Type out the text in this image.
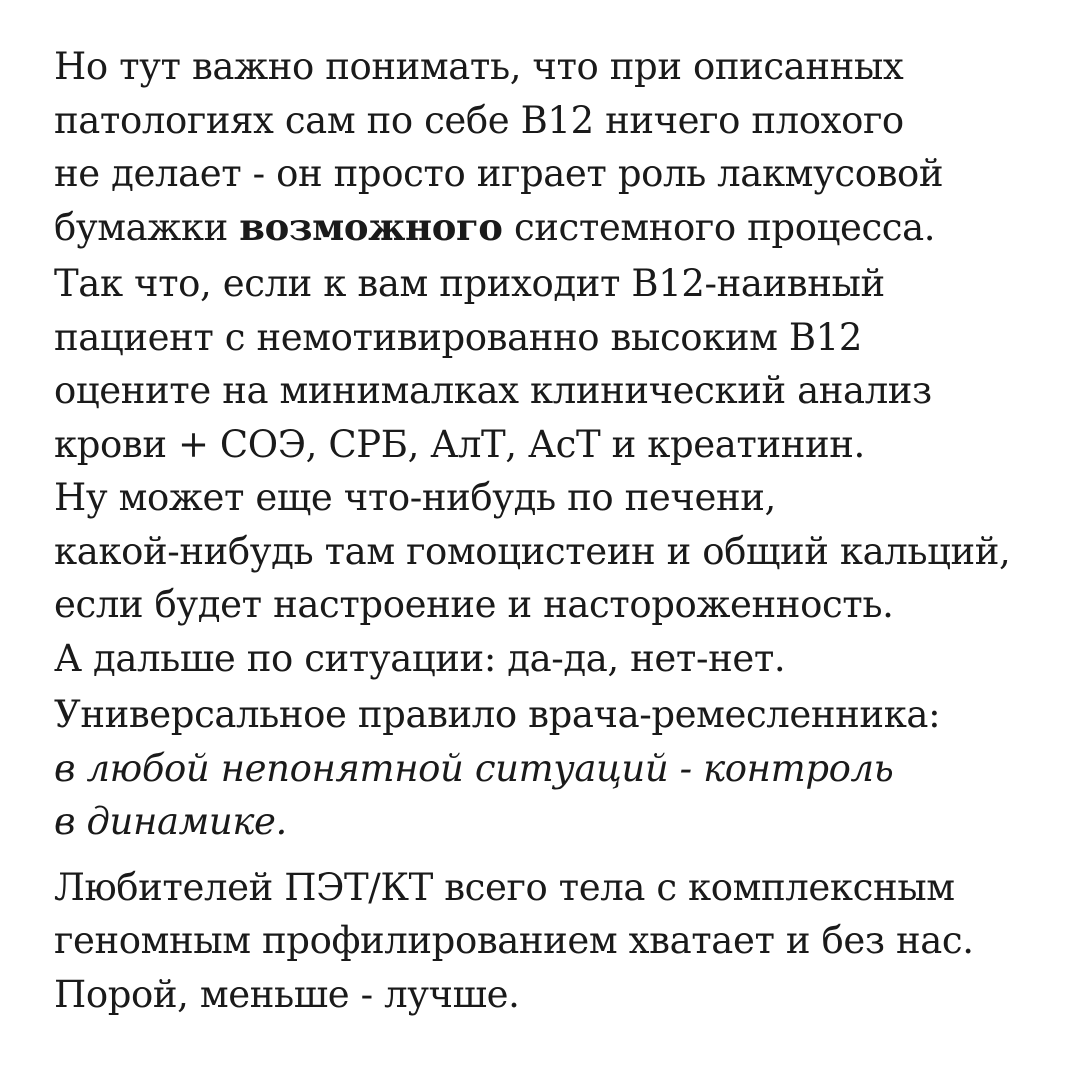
Но тут важно понимать, что при описанных
патологиях сам по себе B12 ничего плохого
не делает - он просто играет роль лакмусовой
бумажки возможного системного процесса.

Так что, если к вам приходит B12-наивный
пациент с немотивированно высоким B12
оцените на минималках клинический анализ
крови + СОЭ, СРБ, АлТ, АсТ и креатинин.
Ну может еще что-нибудь по печени,
какой-нибудь там гомоцистеин и общий кальций,
если будет настроение и настороженность.
А дальше по ситуации: да-да, нет-нет.

Универсальное правило врача-ремесленника:
в любой непонятной ситуаций - контроль
в динамике.

Любителей ПЭТ/КТ всего тела с комплексным
геномным профилированием хватает и без нас.
Порой, меньше - лучше.
